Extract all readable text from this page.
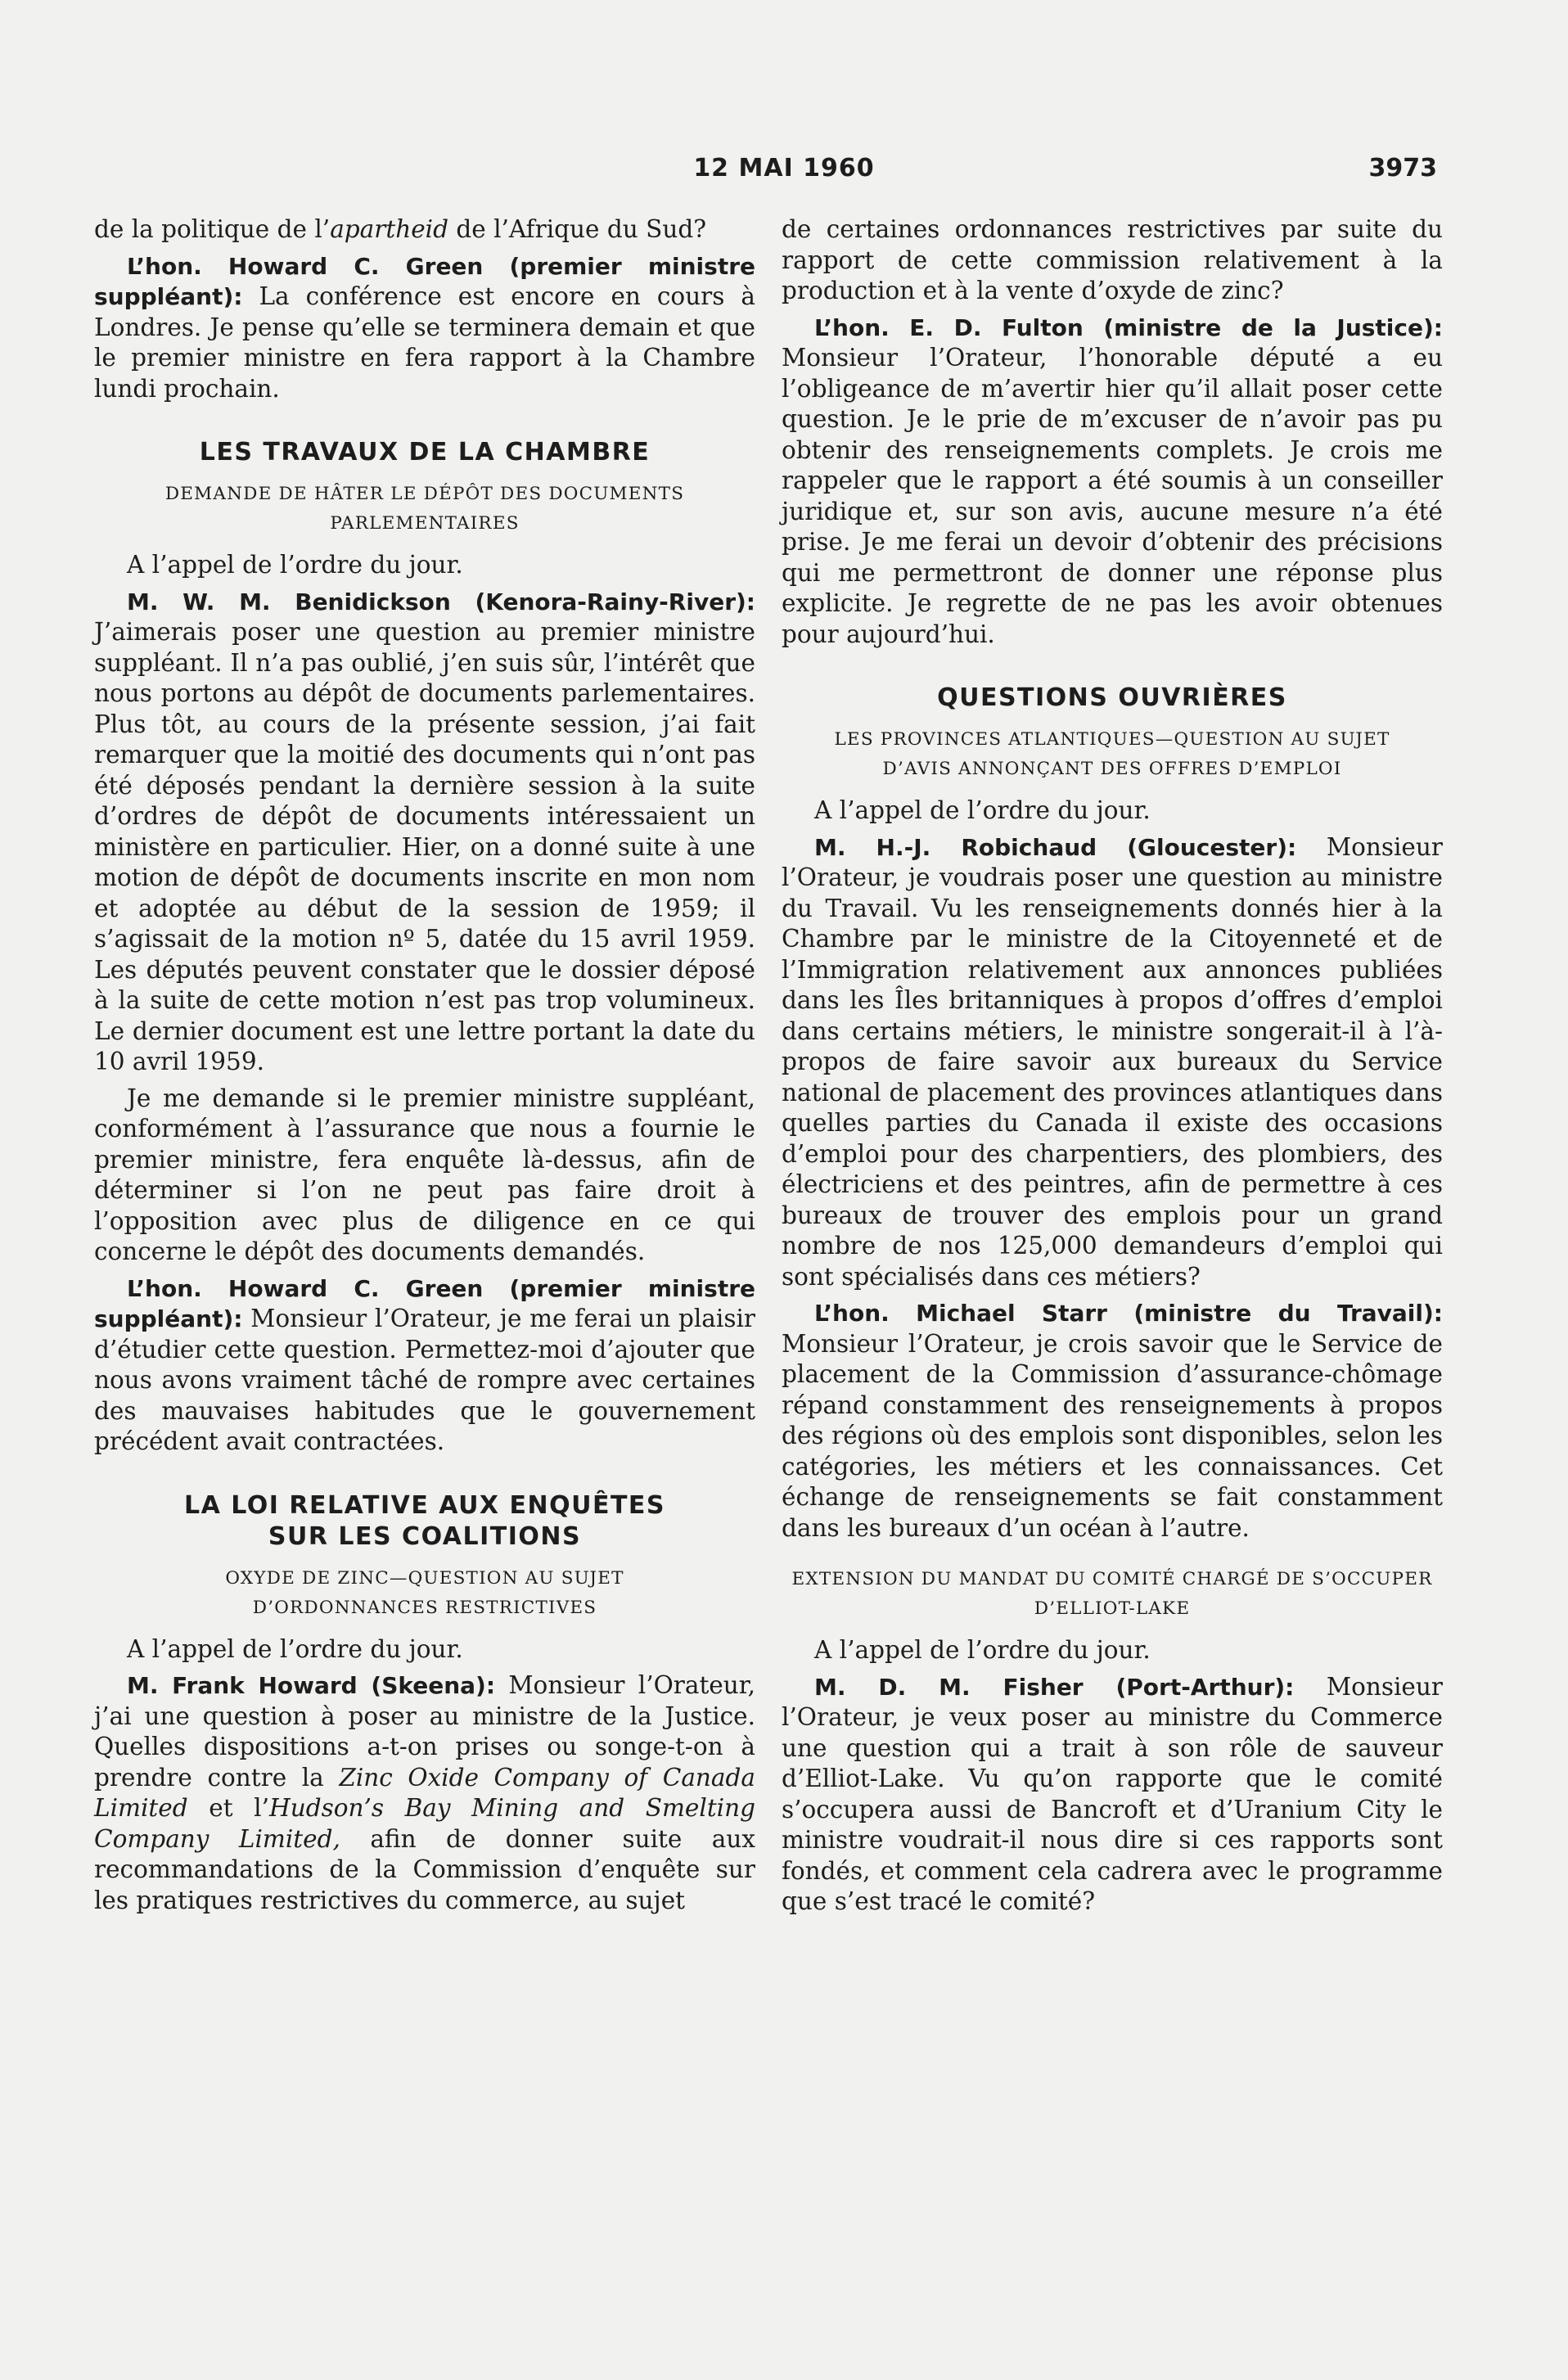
12 MAI 1960	3973

de la politique de l’apartheid de l’Afrique du Sud?

L’hon. Howard C. Green (premier ministre suppléant): La conférence est encore en cours à Londres. Je pense qu’elle se terminera demain et que le premier ministre en fera rapport à la Chambre lundi prochain.

LES TRAVAUX DE LA CHAMBRE
DEMANDE DE HÂTER LE DÉPÔT DES DOCUMENTS PARLEMENTAIRES

A l’appel de l’ordre du jour.

M. W. M. Benidickson (Kenora-Rainy-River): J’aimerais poser une question au premier ministre suppléant. Il n’a pas oublié, j’en suis sûr, l’intérêt que nous portons au dépôt de documents parlementaires. Plus tôt, au cours de la présente session, j’ai fait remarquer que la moitié des documents qui n’ont pas été déposés pendant la dernière session à la suite d’ordres de dépôt de documents intéressaient un ministère en particulier. Hier, on a donné suite à une motion de dépôt de documents inscrite en mon nom et adoptée au début de la session de 1959; il s’agissait de la motion nº 5, datée du 15 avril 1959. Les députés peuvent constater que le dossier déposé à la suite de cette motion n’est pas trop volumineux. Le dernier document est une lettre portant la date du 10 avril 1959.

Je me demande si le premier ministre suppléant, conformément à l’assurance que nous a fournie le premier ministre, fera enquête là-dessus, afin de déterminer si l’on ne peut pas faire droit à l’opposition avec plus de diligence en ce qui concerne le dépôt des documents demandés.

L’hon. Howard C. Green (premier ministre suppléant): Monsieur l’Orateur, je me ferai un plaisir d’étudier cette question. Permettez-moi d’ajouter que nous avons vraiment tâché de rompre avec certaines des mauvaises habitudes que le gouvernement précédent avait contractées.

LA LOI RELATIVE AUX ENQUÊTES SUR LES COALITIONS
OXYDE DE ZINC—QUESTION AU SUJET D’ORDONNANCES RESTRICTIVES

A l’appel de l’ordre du jour.

M. Frank Howard (Skeena): Monsieur l’Orateur, j’ai une question à poser au ministre de la Justice. Quelles dispositions a-t-on prises ou songe-t-on à prendre contre la Zinc Oxide Company of Canada Limited et l’Hudson’s Bay Mining and Smelting Company Limited, afin de donner suite aux recommandations de la Commission d’enquête sur les pratiques restrictives du commerce, au sujet

de certaines ordonnances restrictives par suite du rapport de cette commission relativement à la production et à la vente d’oxyde de zinc?

L’hon. E. D. Fulton (ministre de la Justice): Monsieur l’Orateur, l’honorable député a eu l’obligeance de m’avertir hier qu’il allait poser cette question. Je le prie de m’excuser de n’avoir pas pu obtenir des renseignements complets. Je crois me rappeler que le rapport a été soumis à un conseiller juridique et, sur son avis, aucune mesure n’a été prise. Je me ferai un devoir d’obtenir des précisions qui me permettront de donner une réponse plus explicite. Je regrette de ne pas les avoir obtenues pour aujourd’hui.

QUESTIONS OUVRIÈRES
LES PROVINCES ATLANTIQUES—QUESTION AU SUJET D’AVIS ANNONÇANT DES OFFRES D’EMPLOI

A l’appel de l’ordre du jour.

M. H.-J. Robichaud (Gloucester): Monsieur l’Orateur, je voudrais poser une question au ministre du Travail. Vu les renseignements donnés hier à la Chambre par le ministre de la Citoyenneté et de l’Immigration relativement aux annonces publiées dans les Îles britanniques à propos d’offres d’emploi dans certains métiers, le ministre songerait-il à l’à-propos de faire savoir aux bureaux du Service national de placement des provinces atlantiques dans quelles parties du Canada il existe des occasions d’emploi pour des charpentiers, des plombiers, des électriciens et des peintres, afin de permettre à ces bureaux de trouver des emplois pour un grand nombre de nos 125,000 demandeurs d’emploi qui sont spécialisés dans ces métiers?

L’hon. Michael Starr (ministre du Travail): Monsieur l’Orateur, je crois savoir que le Service de placement de la Commission d’assurance-chômage répand constamment des renseignements à propos des régions où des emplois sont disponibles, selon les catégories, les métiers et les connaissances. Cet échange de renseignements se fait constamment dans les bureaux d’un océan à l’autre.

EXTENSION DU MANDAT DU COMITÉ CHARGÉ DE S’OCCUPER D’ELLIOT-LAKE

A l’appel de l’ordre du jour.

M. D. M. Fisher (Port-Arthur): Monsieur l’Orateur, je veux poser au ministre du Commerce une question qui a trait à son rôle de sauveur d’Elliot-Lake. Vu qu’on rapporte que le comité s’occupera aussi de Bancroft et d’Uranium City le ministre voudrait-il nous dire si ces rapports sont fondés, et comment cela cadrera avec le programme que s’est tracé le comité?
